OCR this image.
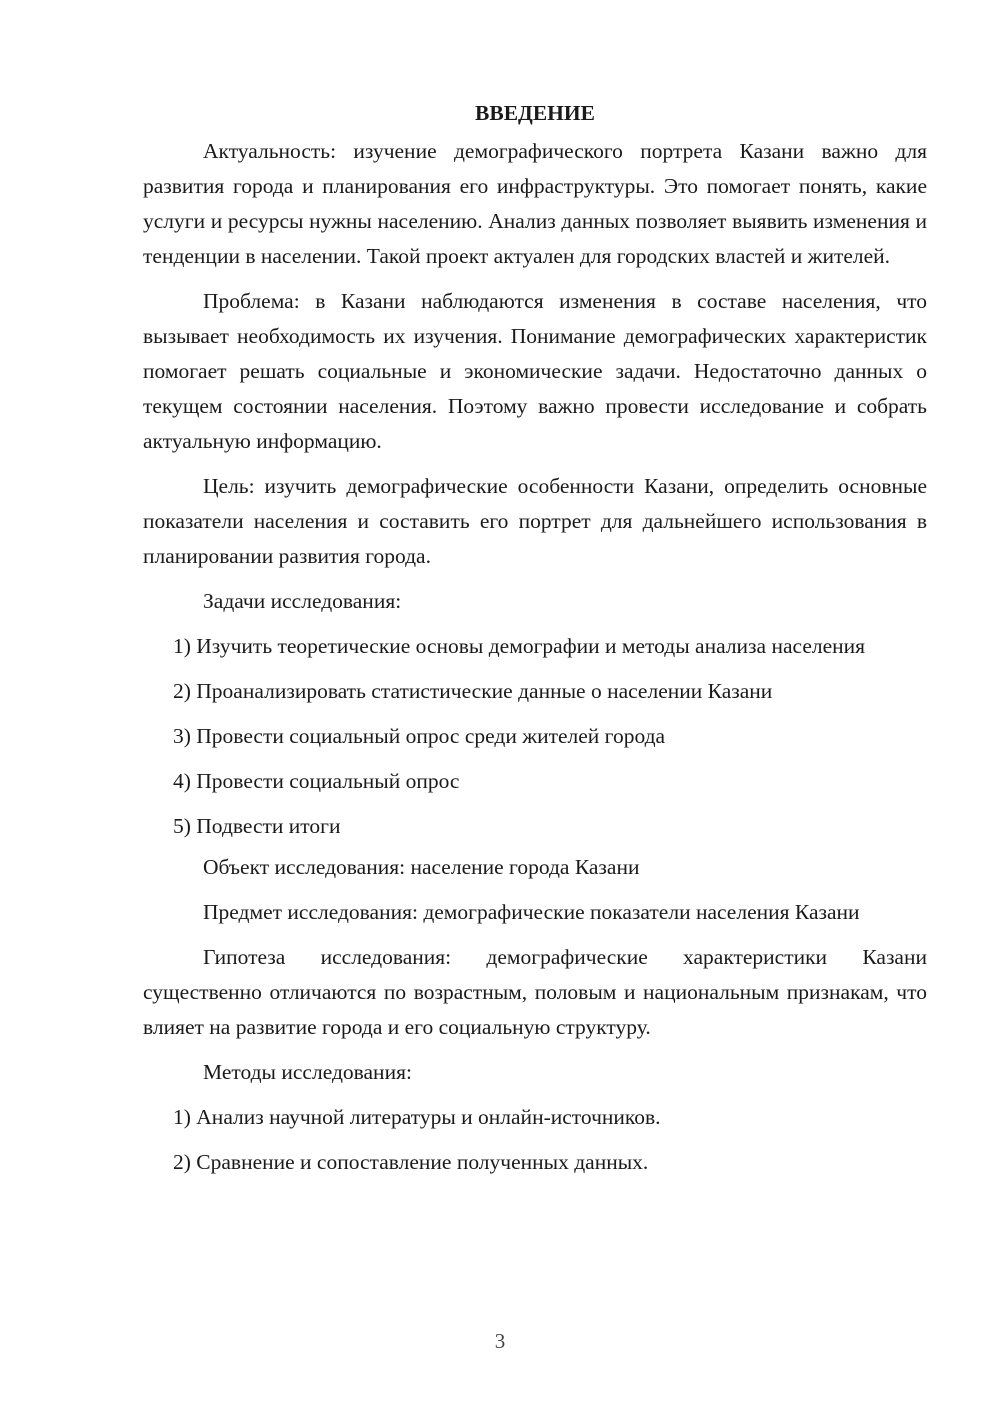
ВВЕДЕНИЕ
Актуальность: изучение демографического портрета Казани важно для развития города и планирования его инфраструктуры. Это помогает понять, какие услуги и ресурсы нужны населению. Анализ данных позволяет выявить изменения и тенденции в населении. Такой проект актуален для городских властей и жителей.
Проблема: в Казани наблюдаются изменения в составе населения, что вызывает необходимость их изучения. Понимание демографических характеристик помогает решать социальные и экономические задачи. Недостаточно данных о текущем состоянии населения. Поэтому важно провести исследование и собрать актуальную информацию.
Цель: изучить демографические особенности Казани, определить основные показатели населения и составить его портрет для дальнейшего использования в планировании развития города.
Задачи исследования:
1) Изучить теоретические основы демографии и методы анализа населения
2) Проанализировать статистические данные о населении Казани
3) Провести социальный опрос среди жителей города
4) Провести социальный опрос
5) Подвести итоги
Объект исследования: население города Казани
Предмет исследования: демографические показатели населения Казани
Гипотеза исследования: демографические характеристики Казани существенно отличаются по возрастным, половым и национальным признакам, что влияет на развитие города и его социальную структуру.
Методы исследования:
1) Анализ научной литературы и онлайн-источников.
2) Сравнение и сопоставление полученных данных.
3
